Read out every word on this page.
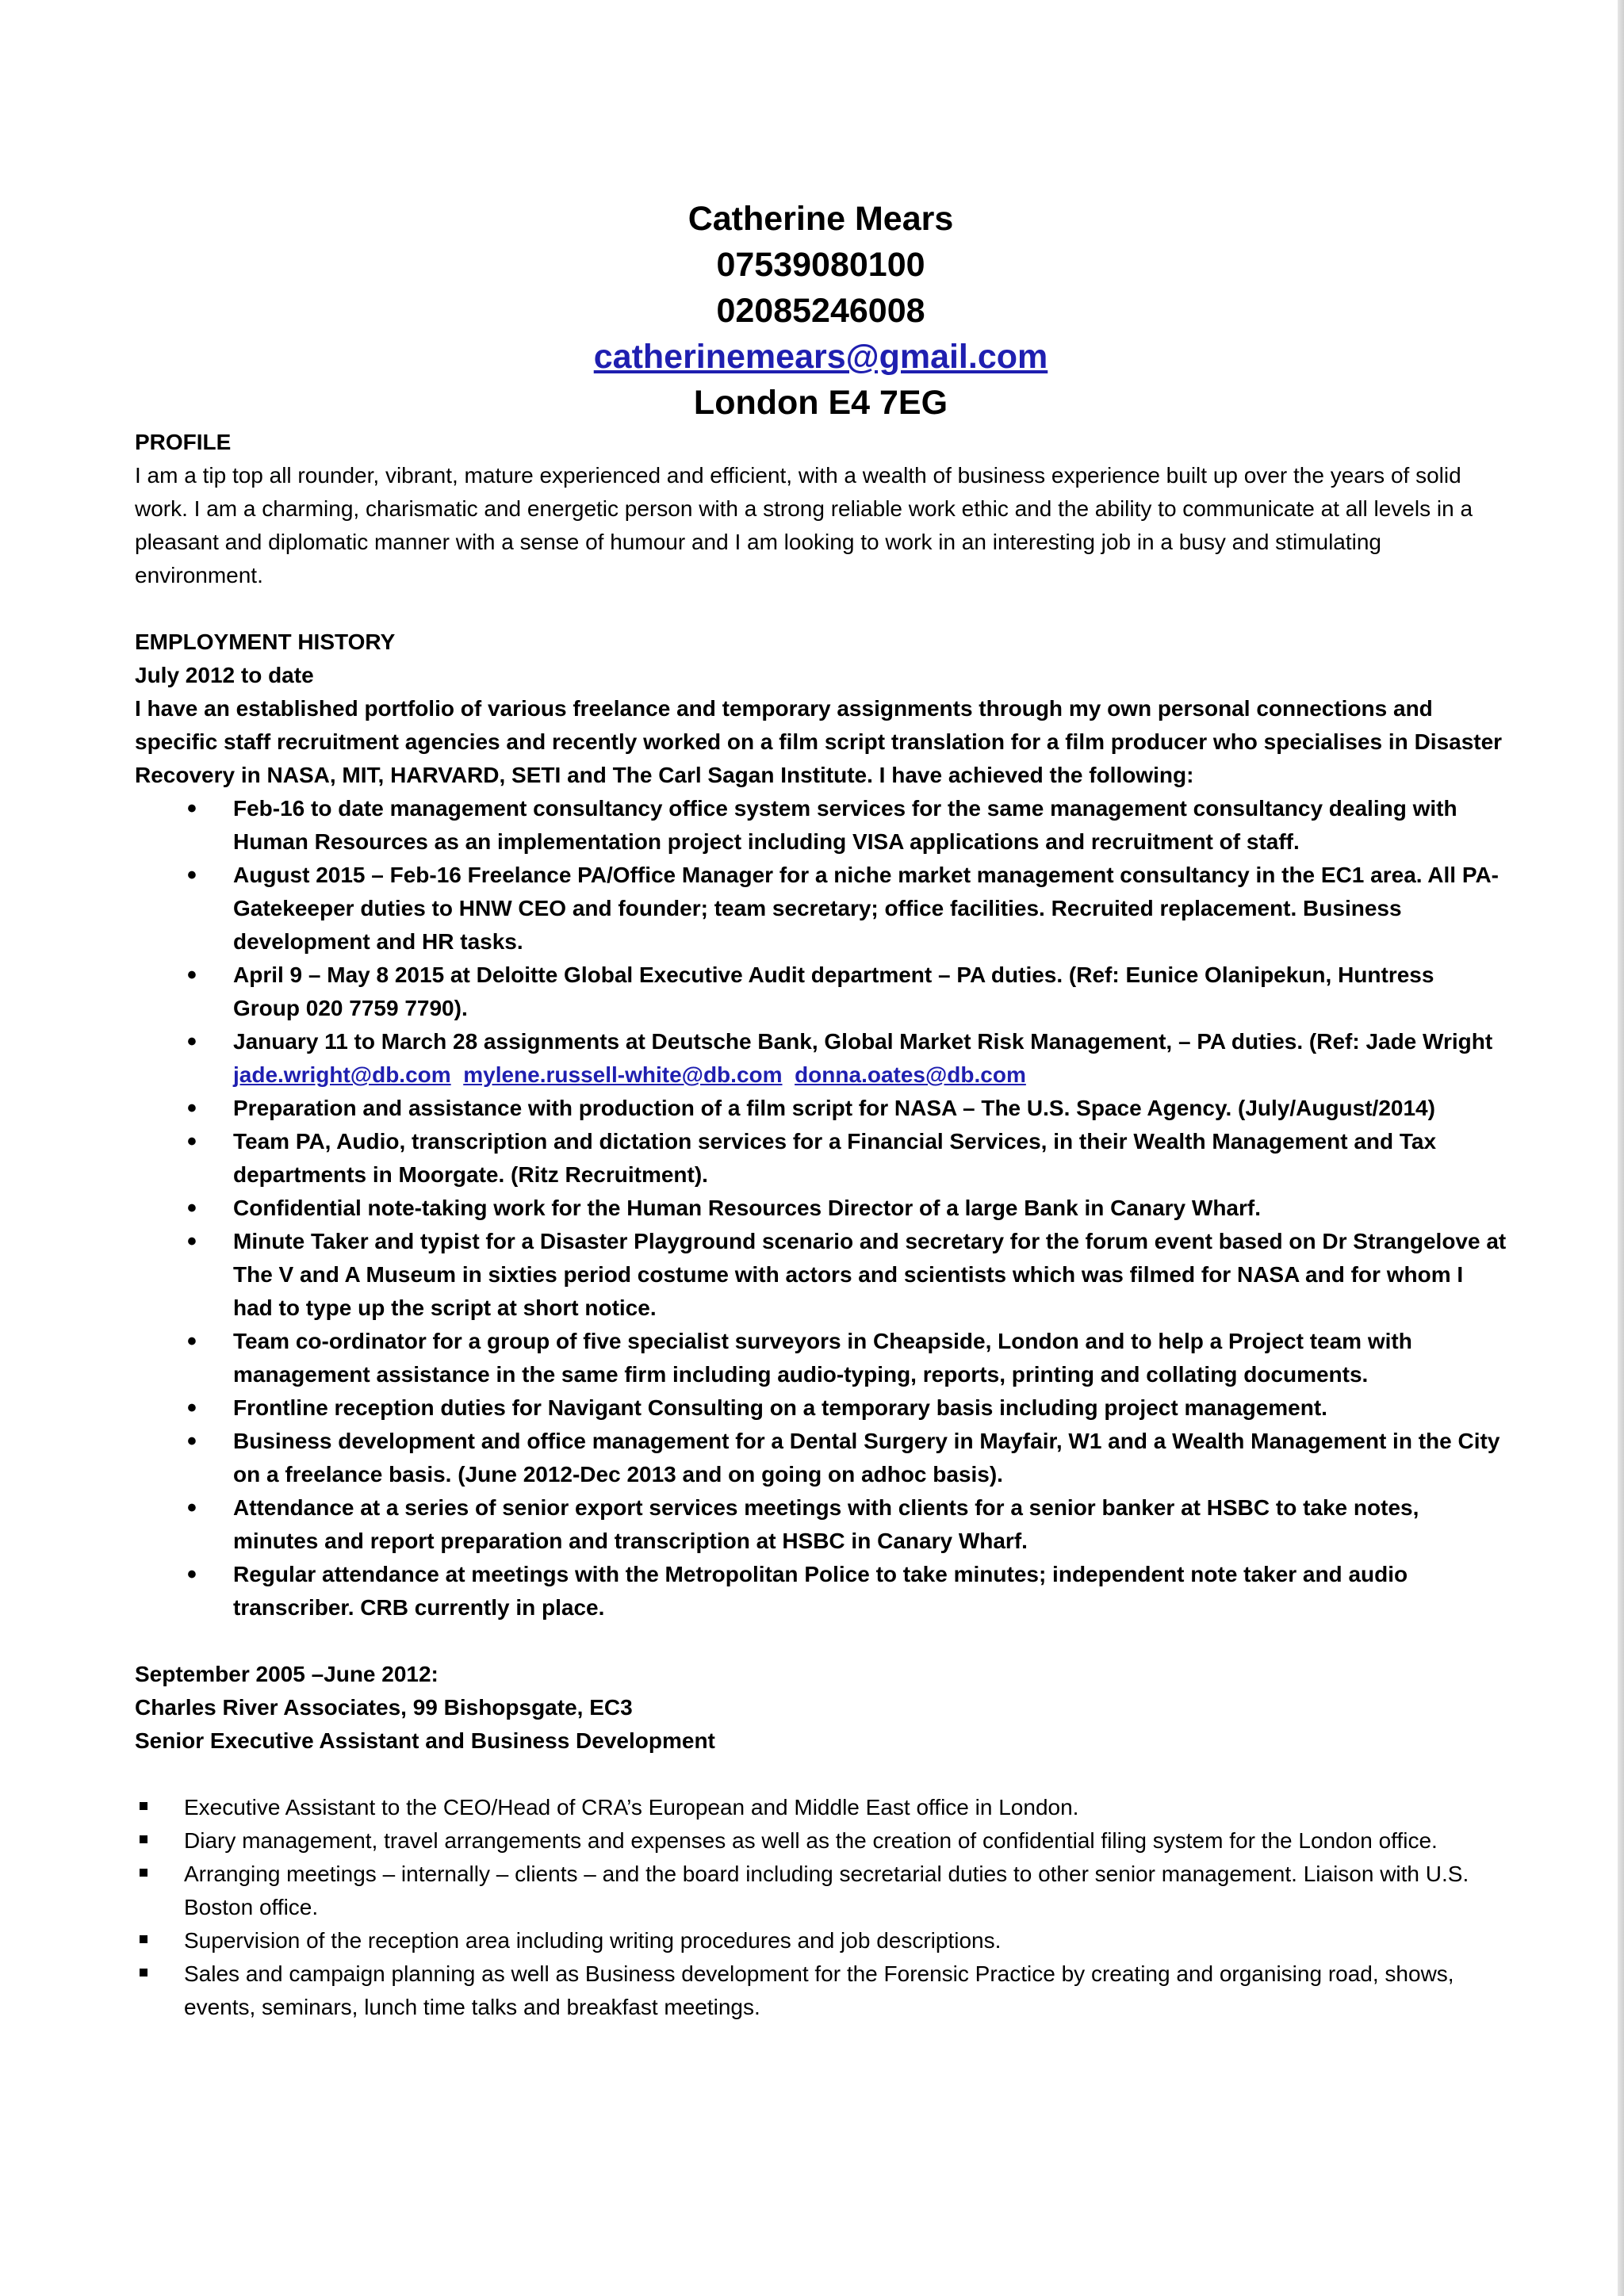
Catherine Mears
07539080100
02085246008
catherinemears@gmail.com
London E4 7EG
PROFILE
I am a tip top all rounder, vibrant, mature experienced and efficient, with a wealth of business experience built up over the years of solid work. I am a charming, charismatic and energetic person with a strong reliable work ethic and the ability to communicate at all levels in a pleasant and diplomatic manner with a sense of humour and I am looking to work in an interesting job in a busy and stimulating environment.
EMPLOYMENT HISTORY
July 2012 to date
I have an established portfolio of various freelance and temporary assignments through my own personal connections and specific staff recruitment agencies and recently worked on a film script translation for a film producer who specialises in Disaster Recovery in NASA, MIT, HARVARD, SETI and The Carl Sagan Institute. I have achieved the following:
• Feb-16 to date management consultancy office system services for the same management consultancy dealing with Human Resources as an implementation project including VISA applications and recruitment of staff.
• August 2015 – Feb-16 Freelance PA/Office Manager for a niche market management consultancy in the EC1 area. All PA-Gatekeeper duties to HNW CEO and founder; team secretary; office facilities. Recruited replacement. Business development and HR tasks.
• April 9 – May 8 2015 at Deloitte Global Executive Audit department – PA duties. (Ref: Eunice Olanipekun, Huntress Group 020 7759 7790).
• January 11 to March 28 assignments at Deutsche Bank, Global Market Risk Management, – PA duties. (Ref: Jade Wright jade.wright@db.com mylene.russell-white@db.com donna.oates@db.com
• Preparation and assistance with production of a film script for NASA – The U.S. Space Agency. (July/August/2014)
• Team PA, Audio, transcription and dictation services for a Financial Services, in their Wealth Management and Tax departments in Moorgate. (Ritz Recruitment).
• Confidential note-taking work for the Human Resources Director of a large Bank in Canary Wharf.
• Minute Taker and typist for a Disaster Playground scenario and secretary for the forum event based on Dr Strangelove at The V and A Museum in sixties period costume with actors and scientists which was filmed for NASA and for whom I had to type up the script at short notice.
• Team co-ordinator for a group of five specialist surveyors in Cheapside, London and to help a Project team with management assistance in the same firm including audio-typing, reports, printing and collating documents.
• Frontline reception duties for Navigant Consulting on a temporary basis including project management.
• Business development and office management for a Dental Surgery in Mayfair, W1 and a Wealth Management in the City on a freelance basis. (June 2012-Dec 2013 and on going on adhoc basis).
• Attendance at a series of senior export services meetings with clients for a senior banker at HSBC to take notes, minutes and report preparation and transcription at HSBC in Canary Wharf.
• Regular attendance at meetings with the Metropolitan Police to take minutes; independent note taker and audio transcriber. CRB currently in place.
September 2005 –June 2012:
Charles River Associates, 99 Bishopsgate, EC3
Senior Executive Assistant and Business Development
Executive Assistant to the CEO/Head of CRA’s European and Middle East office in London.
Diary management, travel arrangements and expenses as well as the creation of confidential filing system for the London office.
Arranging meetings – internally – clients – and the board including secretarial duties to other senior management. Liaison with U.S. Boston office.
Supervision of the reception area including writing procedures and job descriptions.
Sales and campaign planning as well as Business development for the Forensic Practice by creating and organising road, shows, events, seminars, lunch time talks and breakfast meetings.
